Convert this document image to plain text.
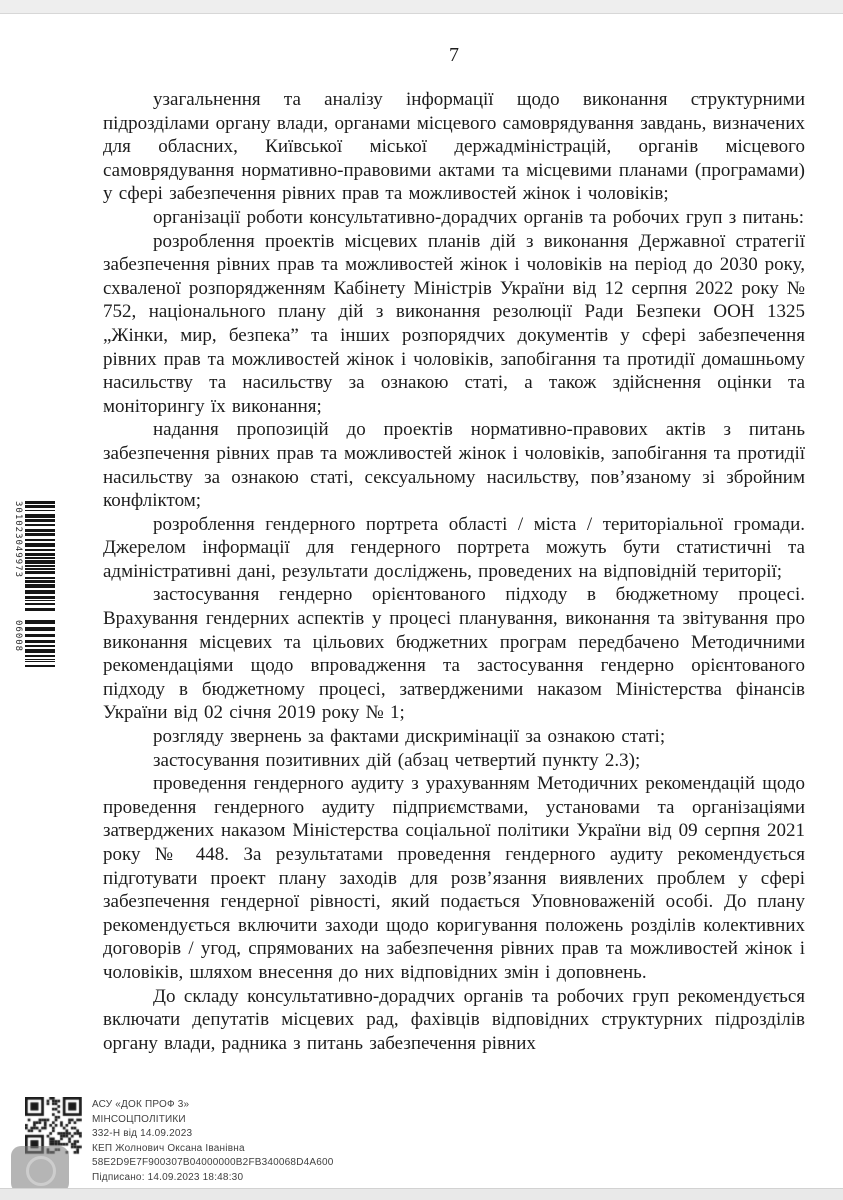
7

узагальнення та аналізу інформації щодо виконання структурними підрозділами органу влади, органами місцевого самоврядування завдань, визначених для обласних, Київської міської держадміністрацій, органів місцевого самоврядування нормативно-правовими актами та місцевими планами (програмами) у сфері забезпечення рівних прав та можливостей жінок і чоловіків;

організації роботи консультативно-дорадчих органів та робочих груп з питань:

розроблення проектів місцевих планів дій з виконання Державної стратегії забезпечення рівних прав та можливостей жінок і чоловіків на період до 2030 року, схваленої розпорядженням Кабінету Міністрів України від 12 серпня 2022 року № 752, національного плану дій з виконання резолюції Ради Безпеки ООН 1325 „Жінки, мир, безпека” та інших розпорядчих документів у сфері забезпечення рівних прав та можливостей жінок і чоловіків, запобігання та протидії домашньому насильству та насильству за ознакою статі, а також здійснення оцінки та моніторингу їх виконання;

надання пропозицій до проектів нормативно-правових актів з питань забезпечення рівних прав та можливостей жінок і чоловіків, запобігання та протидії насильству за ознакою статі, сексуальному насильству, пов’язаному зі збройним конфліктом;

розроблення гендерного портрета області / міста / територіальної громади. Джерелом інформації для гендерного портрета можуть бути статистичні та адміністративні дані, результати досліджень, проведених на відповідній території;

застосування гендерно орієнтованого підходу в бюджетному процесі. Врахування гендерних аспектів у процесі планування, виконання та звітування про виконання місцевих та цільових бюджетних програм передбачено Методичними рекомендаціями щодо впровадження та застосування гендерно орієнтованого підходу в бюджетному процесі, затвердженими наказом Міністерства фінансів України від 02 січня 2019 року № 1;

розгляду звернень за фактами дискримінації за ознакою статі;

застосування позитивних дій (абзац четвертий пункту 2.3);

проведення гендерного аудиту з урахуванням Методичних рекомендацій щодо проведення гендерного аудиту підприємствами, установами та організаціями затверджених наказом Міністерства соціальної політики України від 09 серпня 2021 року № 448. За результатами проведення гендерного аудиту рекомендується підготувати проект плану заходів для розв’язання виявлених проблем у сфері забезпечення гендерної рівності, який подається Уповноваженій особі. До плану рекомендується включити заходи щодо коригування положень розділів колективних договорів / угод, спрямованих на забезпечення рівних прав та можливостей жінок і чоловіків, шляхом внесення до них відповідних змін і доповнень.

До складу консультативно-дорадчих органів та робочих груп рекомендується включати депутатів місцевих рад, фахівців відповідних структурних підрозділів органу влади, радника з питань забезпечення рівних

301023049973
06008
АСУ «ДОК ПРОФ 3»
МІНСОЦПОЛІТИКИ
332-Н від 14.09.2023
КЕП Жолнович Оксана Іванівна
58E2D9E7F900307B04000000B2FB340068D4A600
Підписано: 14.09.2023 18:48:30
